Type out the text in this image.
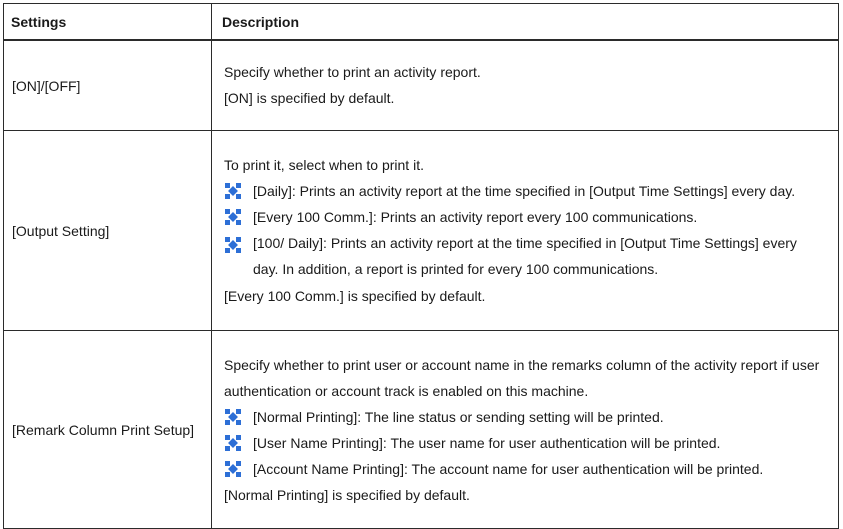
Settings	Description
[ON]/[OFF]	Specify whether to print an activity report.

[ON] is specified by default.

[Output Setting]	To print it, select when to print it.

[Daily]: Prints an activity report at the time specified in [Output Time Settings] every day.
[Every 100 Comm.]: Prints an activity report every 100 communications.
[100/ Daily]: Prints an activity report at the time specified in [Output Time Settings] every day. In addition, a report is printed for every 100 communications.

[Every 100 Comm.] is specified by default.

[Remark Column Print Setup]	Specify whether to print user or account name in the remarks column of the activity report if user authentication or account track is enabled on this machine.

[Normal Printing]: The line status or sending setting will be printed.
[User Name Printing]: The user name for user authentication will be printed.
[Account Name Printing]: The account name for user authentication will be printed.

[Normal Printing] is specified by default.
